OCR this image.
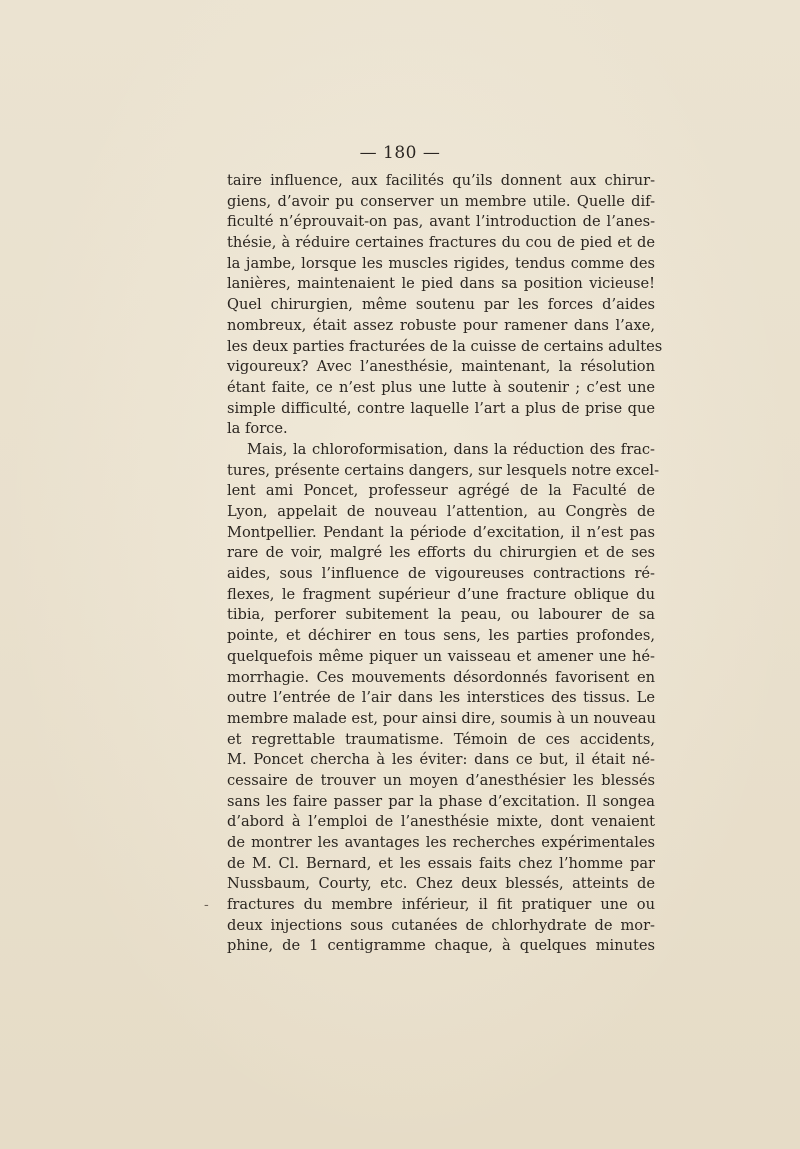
— 180 —
taire influence, aux facilités qu’ils donnent aux chirur-
giens, d’avoir pu conserver un membre utile. Quelle dif-
ficulté n’éprouvait-on pas, avant l’introduction de l’anes-
thésie, à réduire certaines fractures du cou de pied et de
la jambe, lorsque les muscles rigides, tendus comme des
lanières, maintenaient le pied dans sa position vicieuse!
Quel chirurgien, même soutenu par les forces d’aides
nombreux, était assez robuste pour ramener dans l’axe,
les deux parties fracturées de la cuisse de certains adultes
vigoureux? Avec l’anesthésie, maintenant, la résolution
étant faite, ce n’est plus une lutte à soutenir ; c’est une
simple difficulté, contre laquelle l’art a plus de prise que
la force.
Mais, la chloroformisation, dans la réduction des frac-
tures, présente certains dangers, sur lesquels notre excel-
lent ami Poncet, professeur agrégé de la Faculté de
Lyon, appelait de nouveau l’attention, au Congrès de
Montpellier. Pendant la période d’excitation, il n’est pas
rare de voir, malgré les efforts du chirurgien et de ses
aides, sous l’influence de vigoureuses contractions ré-
flexes, le fragment supérieur d’une fracture oblique du
tibia, perforer subitement la peau, ou labourer de sa
pointe, et déchirer en tous sens, les parties profondes,
quelquefois même piquer un vaisseau et amener une hé-
morrhagie. Ces mouvements désordonnés favorisent en
outre l’entrée de l’air dans les interstices des tissus. Le
membre malade est, pour ainsi dire, soumis à un nouveau
et regrettable traumatisme. Témoin de ces accidents,
M. Poncet chercha à les éviter: dans ce but, il était né-
cessaire de trouver un moyen d’anesthésier les blessés
sans les faire passer par la phase d’excitation. Il songea
d’abord à l’emploi de l’anesthésie mixte, dont venaient
de montrer les avantages les recherches expérimentales
de M. Cl. Bernard, et les essais faits chez l’homme par
Nussbaum, Courty, etc. Chez deux blessés, atteints de
fractures du membre inférieur, il fit pratiquer une ou
deux injections sous cutanées de chlorhydrate de mor-
phine, de 1 centigramme chaque, à quelques minutes
-
